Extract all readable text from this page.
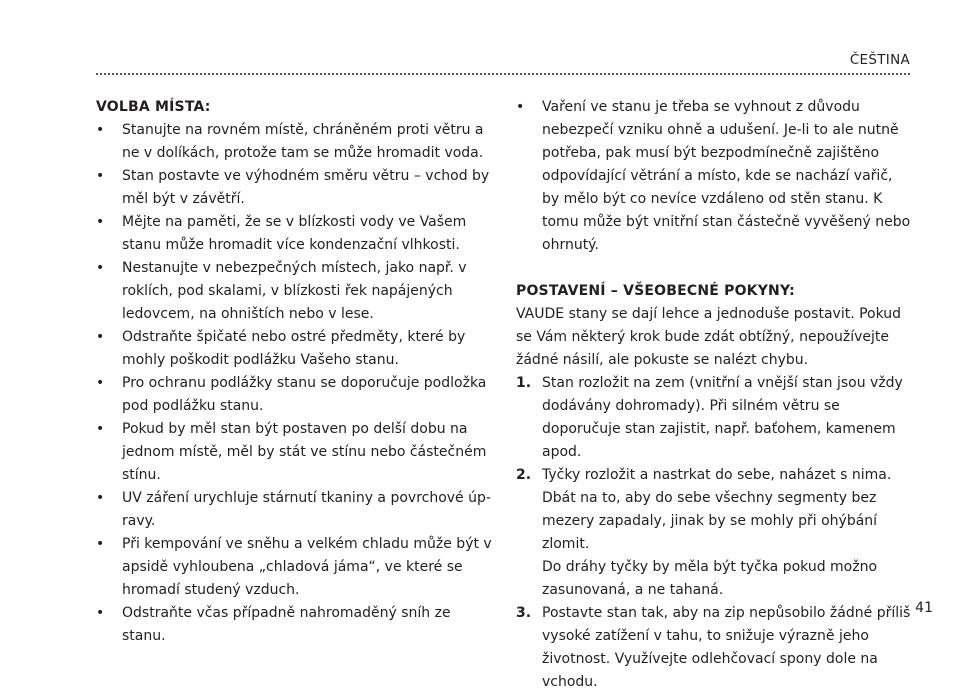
ČEŠTINA
VOLBA MÍSTA:
• Stanujte na rovném místě, chráněném proti větru a ne v dolíkách, protože tam se může hromadit voda.
• Stan postavte ve výhodném směru větru – vchod by měl být v závětří.
• Mějte na paměti, že se v blízkosti vody ve Vašem stanu může hromadit více kondenzační vlhkosti.
• Nestanujte v nebezpečných místech, jako např. v roklích, pod skalami, v blízkosti řek napájených ledovcem, na ohništích nebo v lese.
• Odstraňte špičaté nebo ostré předměty, které by mohly poškodit podlážku Vašeho stanu.
• Pro ochranu podlážky stanu se doporučuje podložka pod podlážku stanu.
• Pokud by měl stan být postaven po delší dobu na jednom místě, měl by stát ve stínu nebo částečném stínu.
• UV záření urychluje stárnutí tkaniny a povrchové úpravy.
• Při kempování ve sněhu a velkém chladu může být v apsidě vyhloubena „chladová jáma“, ve které se hromadí studený vzduch.
• Odstraňte včas případně nahromaděný sníh ze stanu.
• Vaření ve stanu je třeba se vyhnout z důvodu nebezpečí vzniku ohně a udušení. Je-li to ale nutně potřeba, pak musí být bezpodmínečně zajištěno odpovídající větrání a místo, kde se nachází vařič, by mělo být co nevíce vzdáleno od stěn stanu. K tomu může být vnitřní stan částečně vyvěšený nebo ohrnutý.
POSTAVENÍ – VŠEOBECNÉ POKYNY:

VAUDE stany se dají lehce a jednoduše postavit. Pokud se Vám některý krok bude zdát obtížný, nepoužívejte žádné násilí, ale pokuste se nalézt chybu.

1. Stan rozložit na zem (vnitřní a vnější stan jsou vždy dodávány dohromady). Při silném větru se doporučuje stan zajistit, např. baťohem, kamenem apod.
2. Tyčky rozložit a nastrkat do sebe, naházet s nima.
Dbát na to, aby do sebe všechny segmenty bez mezery zapadaly, jinak by se mohly při ohýbání zlomit.
Do dráhy tyčky by měla být tyčka pokud možno zasunovaná, a ne tahaná.
3. Postavte stan tak, aby na zip nepůsobilo žádné příliš vysoké zatížení v tahu, to snižuje výrazně jeho životnost. Využívejte odlehčovací spony dole na vchodu.
41
